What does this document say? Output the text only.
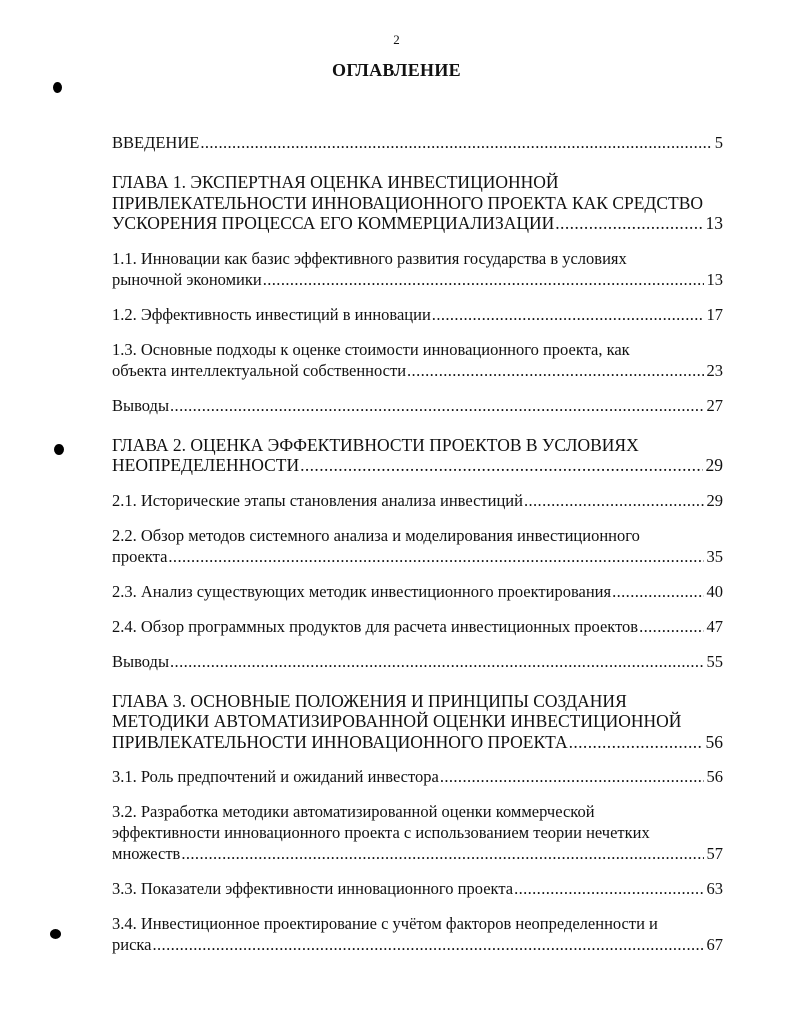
2
ОГЛАВЛЕНИЕ
ВВЕДЕНИЕ .....	5
ГЛАВА 1. ЭКСПЕРТНАЯ ОЦЕНКА ИНВЕСТИЦИОННОЙ
ПРИВЛЕКАТЕЛЬНОСТИ ИННОВАЦИОННОГО ПРОЕКТА КАК СРЕДСТВО
УСКОРЕНИЯ ПРОЦЕССА ЕГО КОММЕРЦИАЛИЗАЦИИ .....	13
1.1. Инновации как базис эффективного развития государства в условиях
рыночной экономики .....	13
1.2. Эффективность инвестиций в инновации .....	17
1.3. Основные подходы к оценке стоимости инновационного проекта, как
объекта интеллектуальной собственности .....	23
Выводы .....	27
ГЛАВА 2. ОЦЕНКА ЭФФЕКТИВНОСТИ ПРОЕКТОВ В УСЛОВИЯХ
НЕОПРЕДЕЛЕННОСТИ .....	29
2.1. Исторические этапы становления анализа инвестиций .....	29
2.2. Обзор методов системного анализа и моделирования инвестиционного
проекта .....	35
2.3. Анализ существующих методик инвестиционного проектирования .....	40
2.4. Обзор программных продуктов для расчета инвестиционных проектов .....	47
Выводы .....	55
ГЛАВА 3. ОСНОВНЫЕ ПОЛОЖЕНИЯ И ПРИНЦИПЫ СОЗДАНИЯ
МЕТОДИКИ АВТОМАТИЗИРОВАННОЙ ОЦЕНКИ ИНВЕСТИЦИОННОЙ
ПРИВЛЕКАТЕЛЬНОСТИ ИННОВАЦИОННОГО ПРОЕКТА .....	56
3.1. Роль предпочтений и ожиданий инвестора .....	56
3.2. Разработка методики автоматизированной оценки коммерческой
эффективности инновационного проекта с использованием теории нечетких
множеств .....	57
3.3. Показатели эффективности инновационного проекта .....	63
3.4. Инвестиционное проектирование с учётом факторов неопределенности и
риска .....	67
